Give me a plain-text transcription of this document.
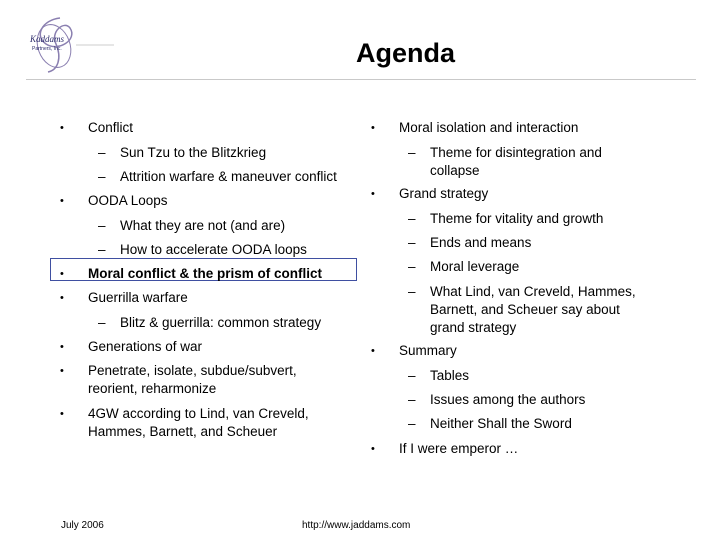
Kaddams
Partners, Inc.	Agenda
• Conflict
– Sun Tzu to the Blitzkrieg
– Attrition warfare & maneuver conflict
• OODA Loops
– What they are not (and are)
– How to accelerate OODA loops
• Moral conflict & the prism of conflict
• Guerrilla warfare
– Blitz & guerrilla: common strategy
• Generations of war
• Penetrate, isolate, subdue/subvert, reorient, reharmonize
• 4GW according to Lind, van Creveld, Hammes, Barnett, and Scheuer
• Moral isolation and interaction
– Theme for disintegration and collapse
• Grand strategy
– Theme for vitality and growth
– Ends and means
– Moral leverage
– What Lind, van Creveld, Hammes, Barnett, and Scheuer say about grand strategy
• Summary
– Tables
– Issues among the authors
– Neither Shall the Sword
• If I were emperor …
July 2006	http://www.jaddams.com
